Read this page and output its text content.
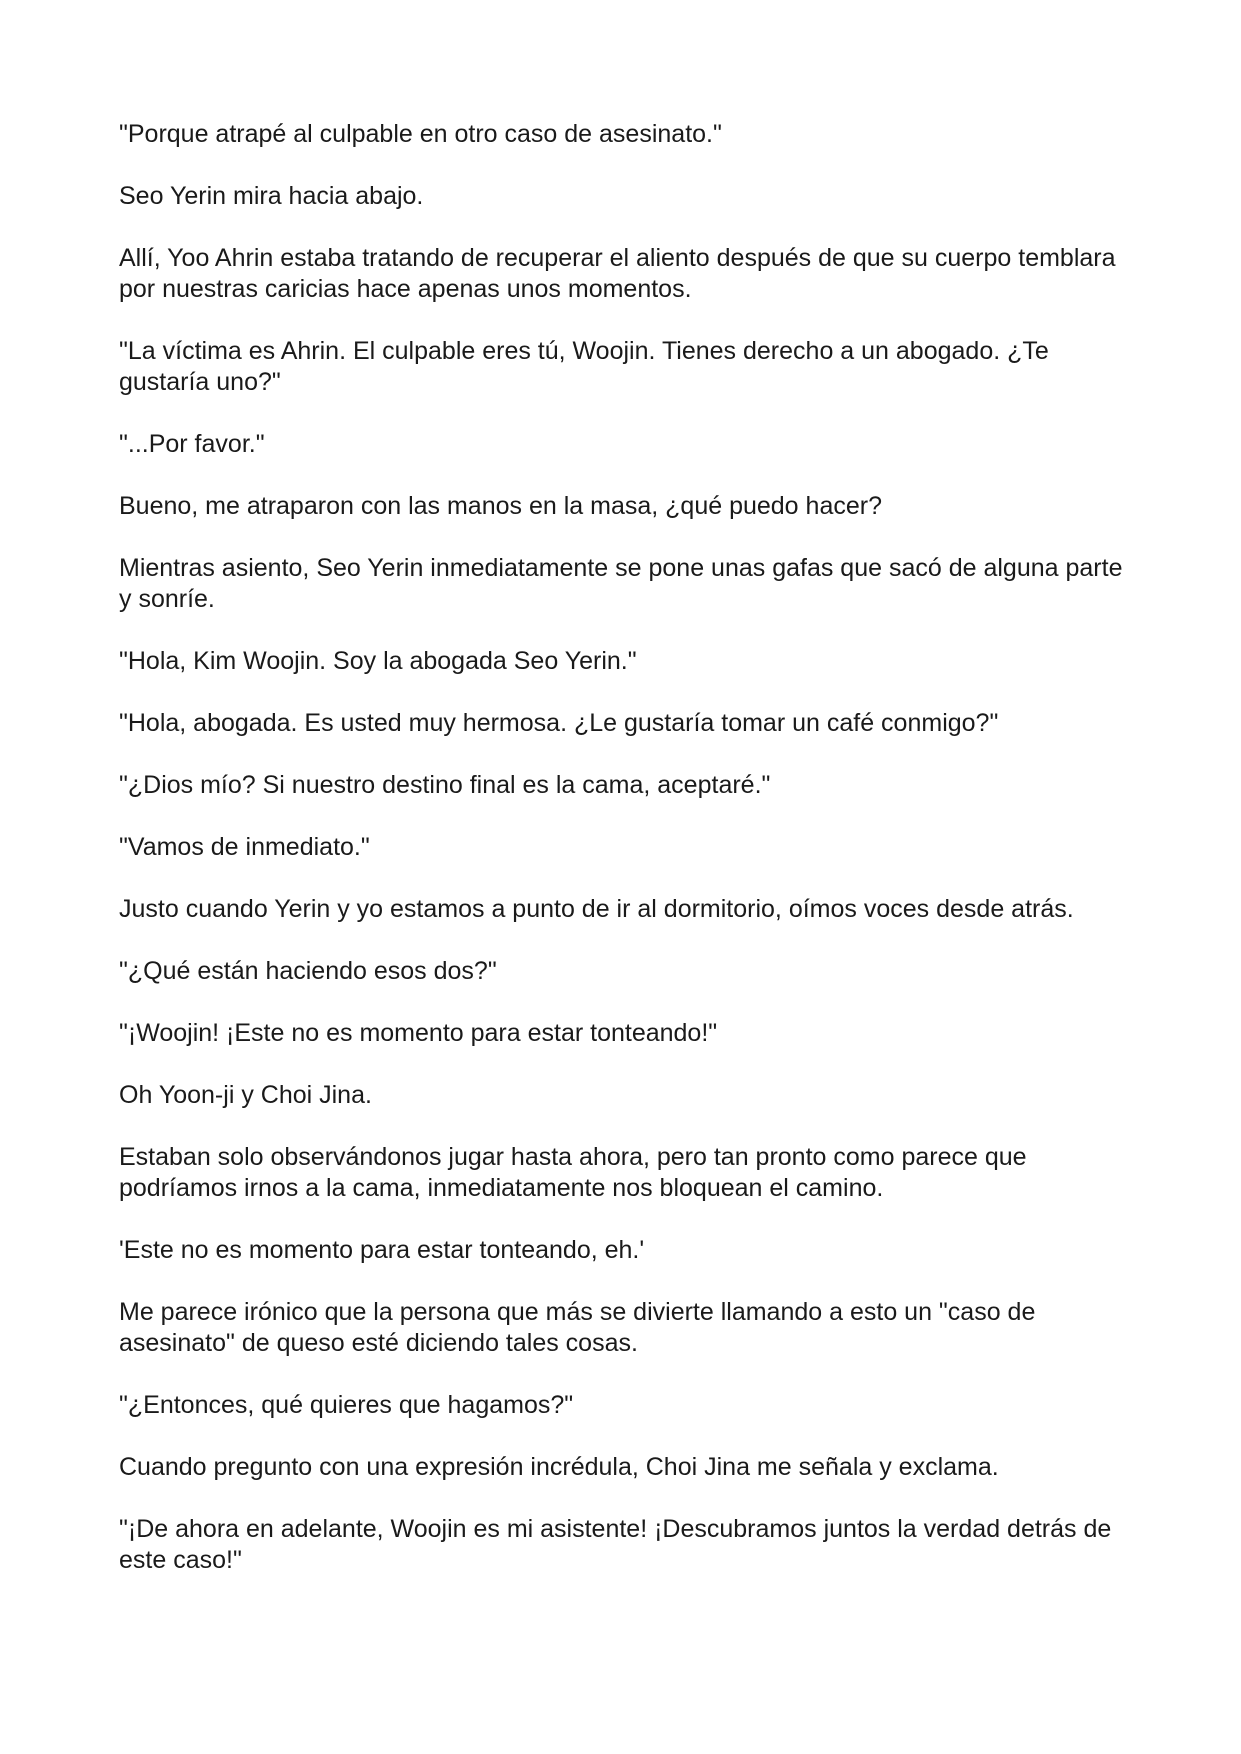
"Porque atrapé al culpable en otro caso de asesinato."

Seo Yerin mira hacia abajo.

Allí, Yoo Ahrin estaba tratando de recuperar el aliento después de que su cuerpo temblara por nuestras caricias hace apenas unos momentos.

"La víctima es Ahrin. El culpable eres tú, Woojin. Tienes derecho a un abogado. ¿Te gustaría uno?"

"...Por favor."

Bueno, me atraparon con las manos en la masa, ¿qué puedo hacer?

Mientras asiento, Seo Yerin inmediatamente se pone unas gafas que sacó de alguna parte y sonríe.

"Hola, Kim Woojin. Soy la abogada Seo Yerin."

"Hola, abogada. Es usted muy hermosa. ¿Le gustaría tomar un café conmigo?"

"¿Dios mío? Si nuestro destino final es la cama, aceptaré."

"Vamos de inmediato."

Justo cuando Yerin y yo estamos a punto de ir al dormitorio, oímos voces desde atrás.

"¿Qué están haciendo esos dos?"

"¡Woojin! ¡Este no es momento para estar tonteando!"

Oh Yoon-ji y Choi Jina.

Estaban solo observándonos jugar hasta ahora, pero tan pronto como parece que podríamos irnos a la cama, inmediatamente nos bloquean el camino.

'Este no es momento para estar tonteando, eh.'

Me parece irónico que la persona que más se divierte llamando a esto un "caso de asesinato" de queso esté diciendo tales cosas.

"¿Entonces, qué quieres que hagamos?"

Cuando pregunto con una expresión incrédula, Choi Jina me señala y exclama.

"¡De ahora en adelante, Woojin es mi asistente! ¡Descubramos juntos la verdad detrás de este caso!"
